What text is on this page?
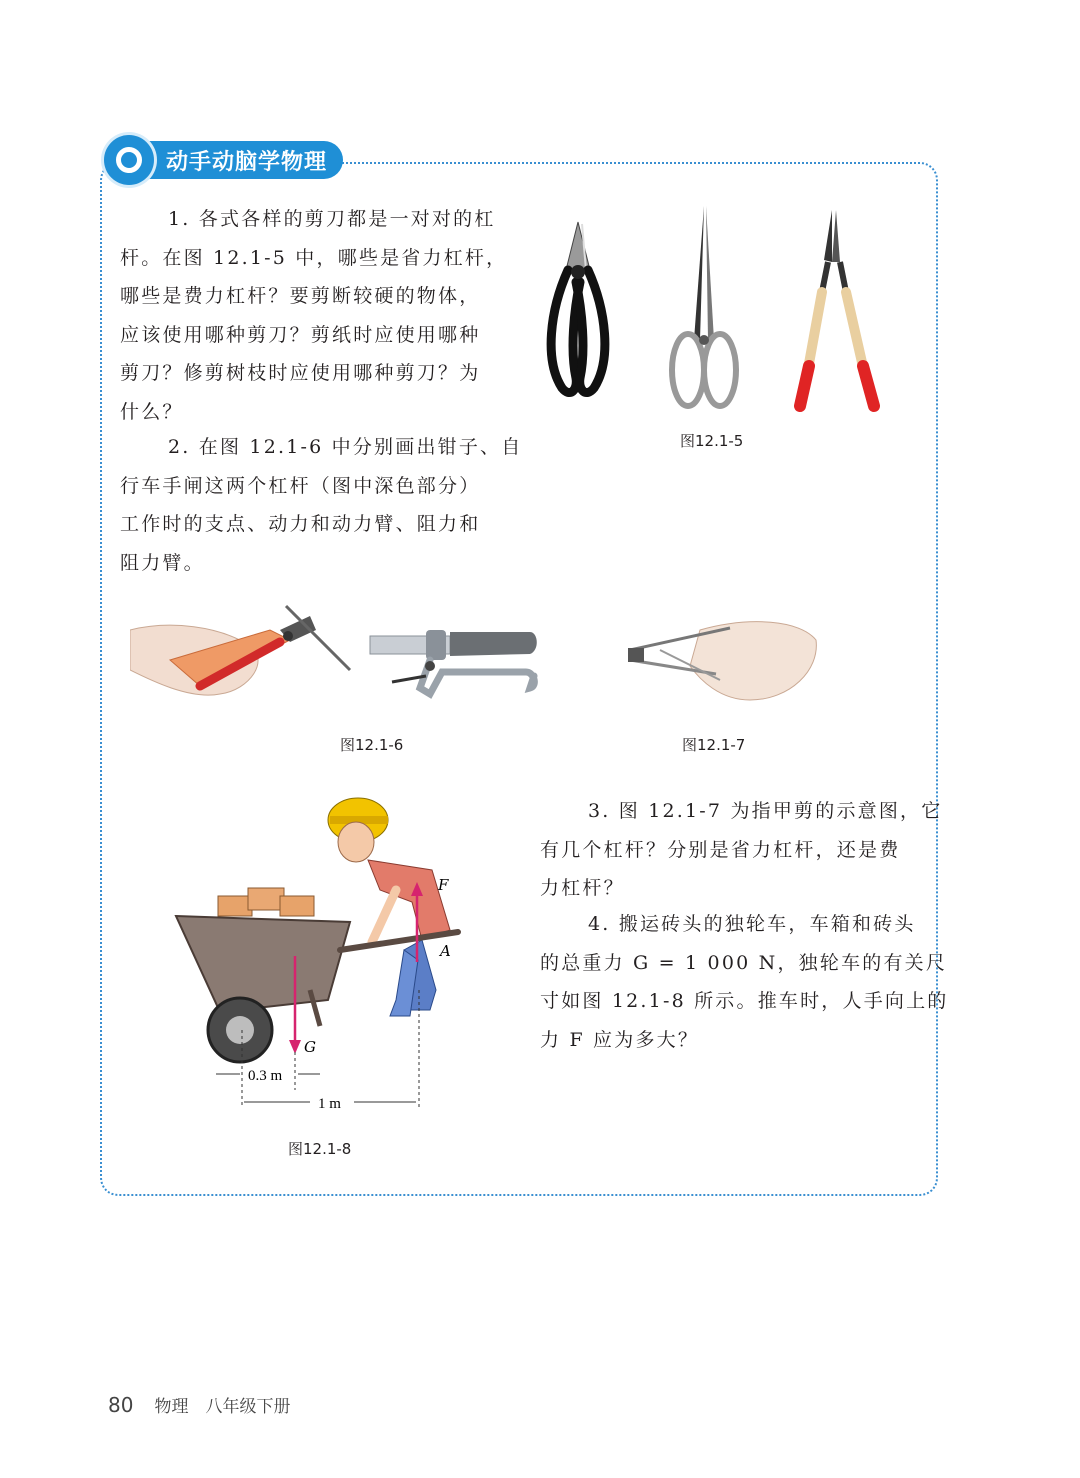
动手动脑学物理
1. 各式各样的剪刀都是一对对的杠
杆。在图 12.1-5 中，哪些是省力杠杆，
哪些是费力杠杆？要剪断较硬的物体，
应该使用哪种剪刀？剪纸时应使用哪种
剪刀？修剪树枝时应使用哪种剪刀？为
什么？
2. 在图 12.1-6 中分别画出钳子、自
行车手闸这两个杠杆（图中深色部分）
工作时的支点、动力和动力臂、阻力和
阻力臂。
图12.1-5
图12.1-6	图12.1-7
F
A
G
0.3 m
1 m
图12.1-8
3. 图 12.1-7 为指甲剪的示意图，它
有几个杠杆？分别是省力杠杆，还是费
力杠杆？
4. 搬运砖头的独轮车，车箱和砖头
的总重力 G = 1 000 N，独轮车的有关尺
寸如图 12.1-8 所示。推车时，人手向上的
力 F 应为多大？
80 物理　八年级下册
